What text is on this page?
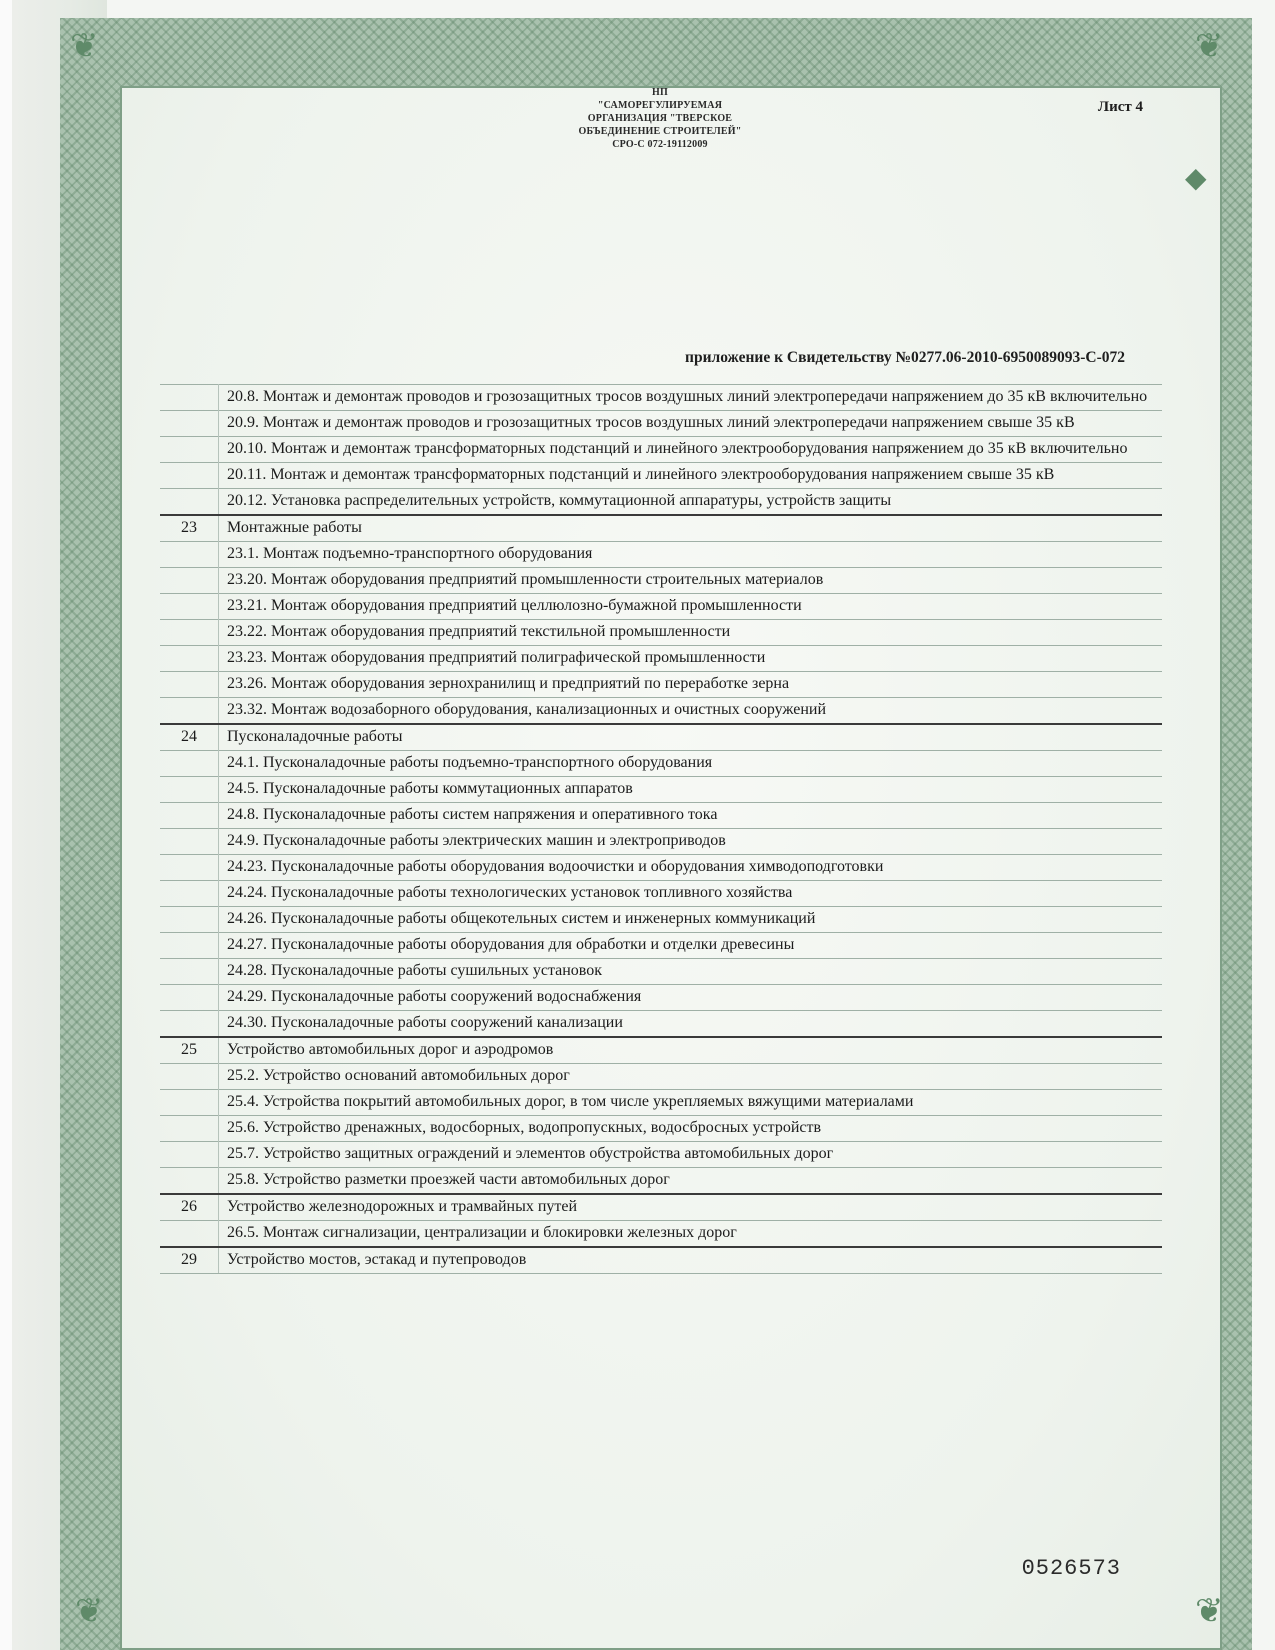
❦	❦
◆
❦	❦
НП
"САМОРЕГУЛИРУЕМАЯ
ОРГАНИЗАЦИЯ "ТВЕРСКОЕ
ОБЪЕДИНЕНИЕ СТРОИТЕЛЕЙ"
СРО-С 072-19112009
Лист 4
приложение к Свидетельству №0277.06-2010-6950089093-С-072
	20.8. Монтаж и демонтаж проводов и грозозащитных тросов воздушных линий электропередачи напряжением до 35 кВ включительно
	20.9. Монтаж и демонтаж проводов и грозозащитных тросов воздушных линий электропередачи напряжением свыше 35 кВ
	20.10. Монтаж и демонтаж трансформаторных подстанций и линейного электрооборудования напряжением до 35 кВ включительно
	20.11. Монтаж и демонтаж трансформаторных подстанций и линейного электрооборудования напряжением свыше 35 кВ
	20.12. Установка распределительных устройств, коммутационной аппаратуры, устройств защиты
23	Монтажные работы
	23.1. Монтаж подъемно-транспортного оборудования
	23.20. Монтаж оборудования предприятий промышленности строительных материалов
	23.21. Монтаж оборудования предприятий целлюлозно-бумажной промышленности
	23.22. Монтаж оборудования предприятий текстильной промышленности
	23.23. Монтаж оборудования предприятий полиграфической промышленности
	23.26. Монтаж оборудования зернохранилищ и предприятий по переработке зерна
	23.32. Монтаж водозаборного оборудования, канализационных и очистных сооружений
24	Пусконаладочные работы
	24.1. Пусконаладочные работы подъемно-транспортного оборудования
	24.5. Пусконаладочные работы коммутационных аппаратов
	24.8. Пусконаладочные работы систем напряжения и оперативного тока
	24.9. Пусконаладочные работы электрических машин и электроприводов
	24.23. Пусконаладочные работы оборудования водоочистки и оборудования химводоподготовки
	24.24. Пусконаладочные работы технологических установок топливного хозяйства
	24.26. Пусконаладочные работы общекотельных систем и инженерных коммуникаций
	24.27. Пусконаладочные работы оборудования для обработки и отделки древесины
	24.28. Пусконаладочные работы сушильных установок
	24.29. Пусконаладочные работы сооружений водоснабжения
	24.30. Пусконаладочные работы сооружений канализации
25	Устройство автомобильных дорог и аэродромов
	25.2. Устройство оснований автомобильных дорог
	25.4. Устройства покрытий автомобильных дорог, в том числе укрепляемых вяжущими материалами
	25.6. Устройство дренажных, водосборных, водопропускных, водосбросных устройств
	25.7. Устройство защитных ограждений и элементов обустройства автомобильных дорог
	25.8. Устройство разметки проезжей части автомобильных дорог
26	Устройство железнодорожных и трамвайных путей
	26.5. Монтаж сигнализации, централизации и блокировки железных дорог
29	Устройство мостов, эстакад и путепроводов
0526573
